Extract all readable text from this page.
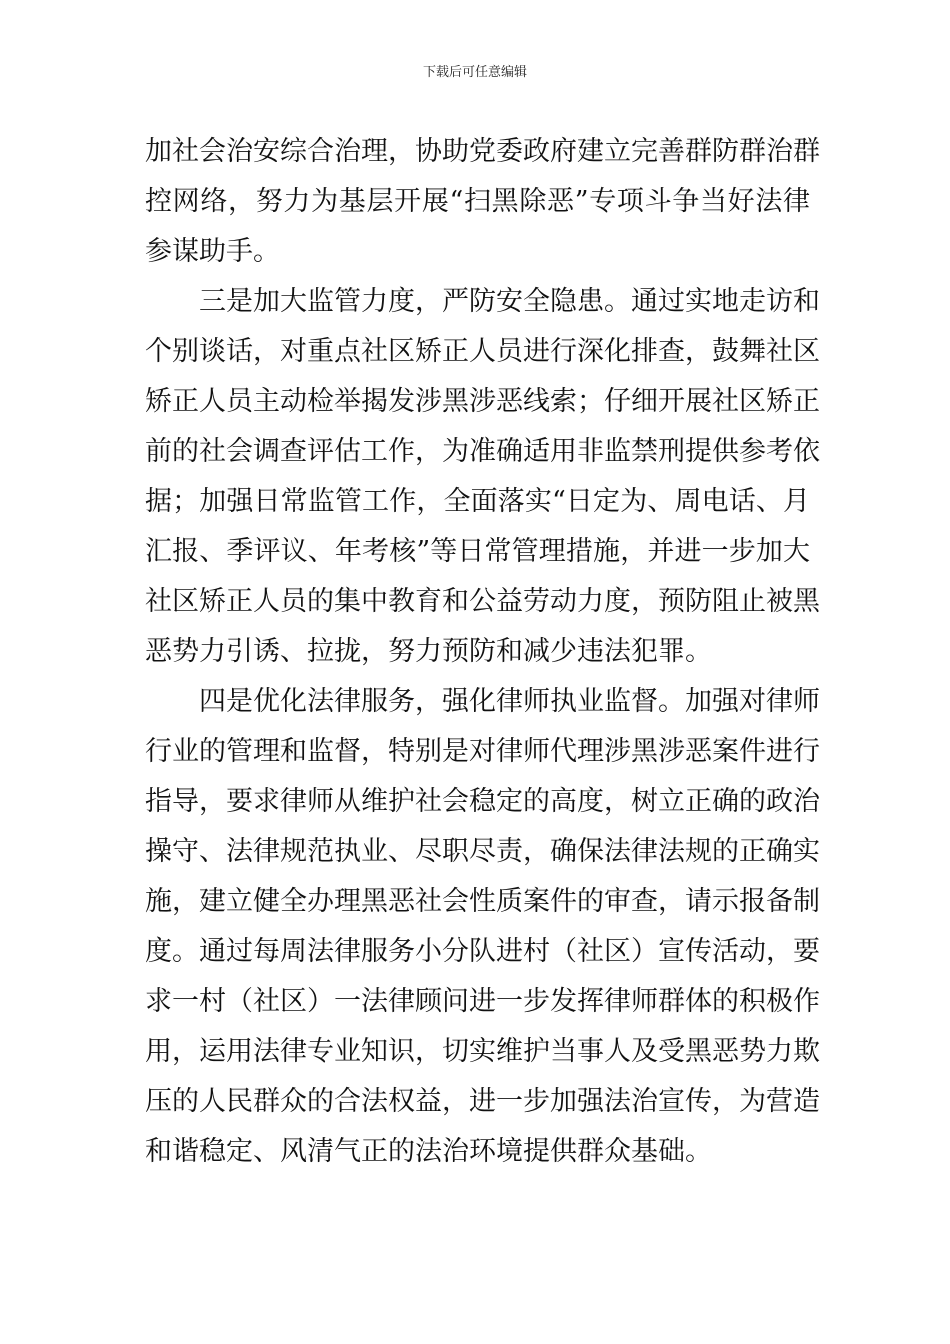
下载后可任意编辑
加社会治安综合治理，协助党委政府建立完善群防群治群
控网络，努力为基层开展“扫黑除恶”专项斗争当好法律
参谋助手。
　　三是加大监管力度，严防安全隐患。通过实地走访和
个别谈话，对重点社区矫正人员进行深化排查，鼓舞社区
矫正人员主动检举揭发涉黑涉恶线索；仔细开展社区矫正
前的社会调查评估工作，为准确适用非监禁刑提供参考依
据；加强日常监管工作，全面落实“日定为、周电话、月
汇报、季评议、年考核”等日常管理措施，并进一步加大
社区矫正人员的集中教育和公益劳动力度，预防阻止被黑
恶势力引诱、拉拢，努力预防和减少违法犯罪。
　　四是优化法律服务，强化律师执业监督。加强对律师
行业的管理和监督，特别是对律师代理涉黑涉恶案件进行
指导，要求律师从维护社会稳定的高度，树立正确的政治
操守、法律规范执业、尽职尽责，确保法律法规的正确实
施，建立健全办理黑恶社会性质案件的审查，请示报备制
度。通过每周法律服务小分队进村（社区）宣传活动，要
求一村（社区）一法律顾问进一步发挥律师群体的积极作
用，运用法律专业知识，切实维护当事人及受黑恶势力欺
压的人民群众的合法权益，进一步加强法治宣传，为营造
和谐稳定、风清气正的法治环境提供群众基础。
